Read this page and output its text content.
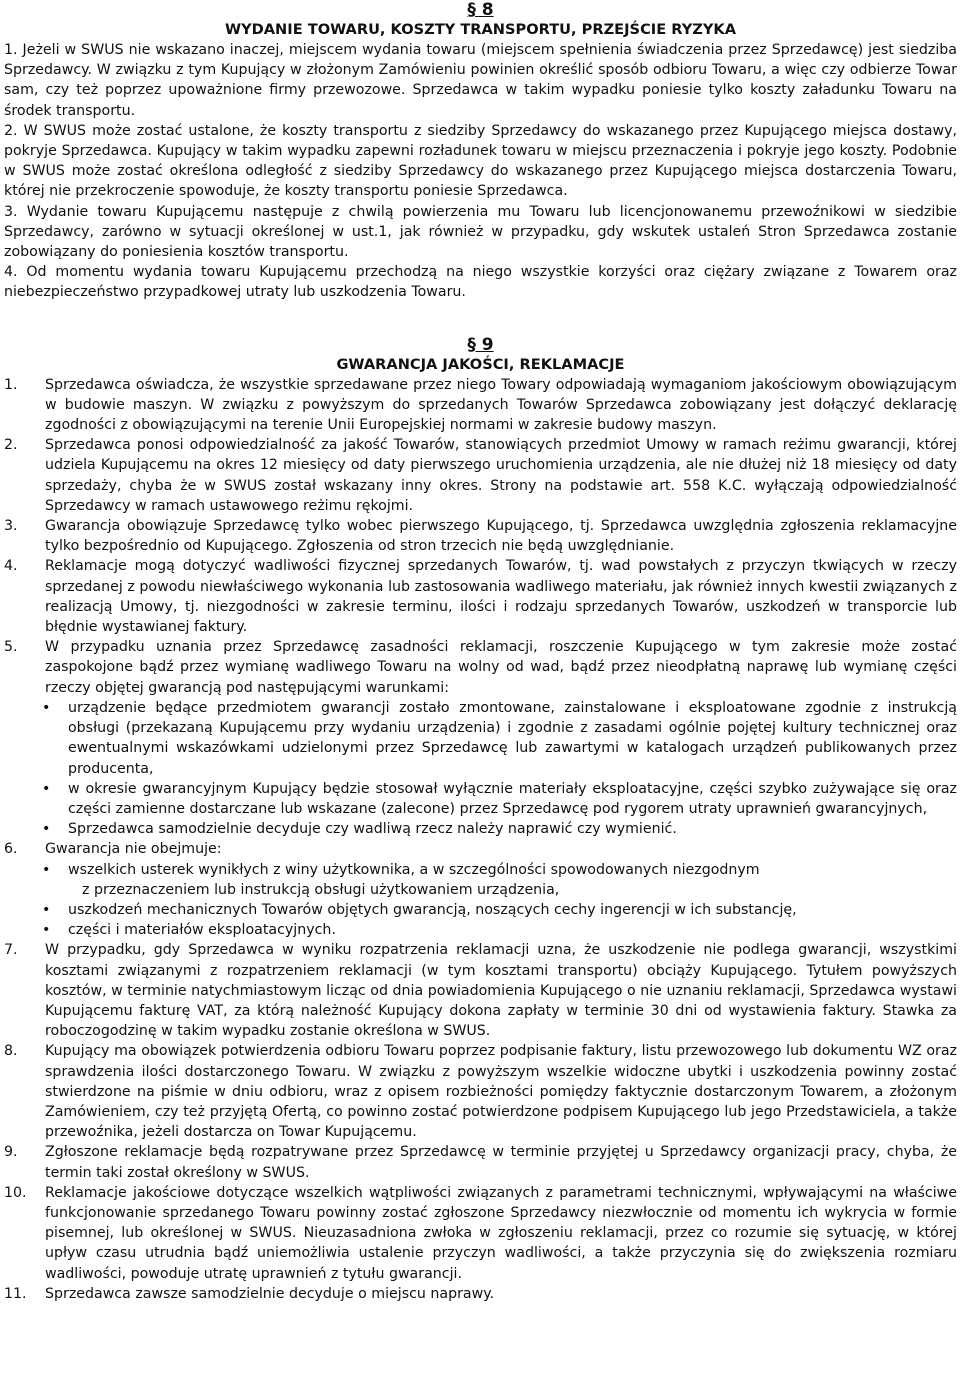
§ 8
WYDANIE TOWARU, KOSZTY TRANSPORTU, PRZEJŚCIE RYZYKA
1. Jeżeli w SWUS nie wskazano inaczej, miejscem wydania towaru (miejscem spełnienia świadczenia przez Sprzedawcę) jest siedziba Sprzedawcy. W związku z tym Kupujący w złożonym Zamówieniu powinien określić sposób odbioru Towaru, a więc czy odbierze Towar sam, czy też poprzez upoważnione firmy przewozowe. Sprzedawca w takim wypadku poniesie tylko koszty załadunku Towaru na środek transportu.
2. W SWUS może zostać ustalone, że koszty transportu z siedziby Sprzedawcy do wskazanego przez Kupującego miejsca dostawy, pokryje Sprzedawca. Kupujący w takim wypadku zapewni rozładunek towaru w miejscu przeznaczenia i pokryje jego koszty. Podobnie w SWUS może zostać określona odległość z siedziby Sprzedawcy do wskazanego przez Kupującego miejsca dostarczenia Towaru, której nie przekroczenie spowoduje, że koszty transportu poniesie Sprzedawca.
3. Wydanie towaru Kupującemu następuje z chwilą powierzenia mu Towaru lub licencjonowanemu przewoźnikowi w siedzibie Sprzedawcy, zarówno w sytuacji określonej w ust.1, jak również w przypadku, gdy wskutek ustaleń Stron Sprzedawca zostanie zobowiązany do poniesienia kosztów transportu.
4. Od momentu wydania towaru Kupującemu przechodzą na niego wszystkie korzyści oraz ciężary związane z Towarem oraz niebezpieczeństwo przypadkowej utraty lub uszkodzenia Towaru.
§ 9
GWARANCJA JAKOŚCI, REKLAMACJE
1.	Sprzedawca oświadcza, że wszystkie sprzedawane przez niego Towary odpowiadają wymaganiom jakościowym obowiązującym w budowie maszyn. W związku z powyższym do sprzedanych Towarów Sprzedawca zobowiązany jest dołączyć deklarację zgodności z obowiązującymi na terenie Unii Europejskiej normami w zakresie budowy maszyn.
2.	Sprzedawca ponosi odpowiedzialność za jakość Towarów, stanowiących przedmiot Umowy w ramach reżimu gwarancji, której udziela Kupującemu na okres 12 miesięcy od daty pierwszego uruchomienia urządzenia, ale nie dłużej niż 18 miesięcy od daty sprzedaży, chyba że w SWUS został wskazany inny okres. Strony na podstawie art. 558 K.C. wyłączają odpowiedzialność Sprzedawcy w ramach ustawowego reżimu rękojmi.
3.	Gwarancja obowiązuje Sprzedawcę tylko wobec pierwszego Kupującego, tj. Sprzedawca uwzględnia zgłoszenia reklamacyjne tylko bezpośrednio od Kupującego. Zgłoszenia od stron trzecich nie będą uwzględnianie.
4.	Reklamacje mogą dotyczyć wadliwości fizycznej sprzedanych Towarów, tj. wad powstałych z przyczyn tkwiących w rzeczy sprzedanej z powodu niewłaściwego wykonania lub zastosowania wadliwego materiału, jak również innych kwestii związanych z realizacją Umowy, tj. niezgodności w zakresie terminu, ilości i rodzaju sprzedanych Towarów, uszkodzeń w transporcie lub błędnie wystawianej faktury.
5.	W przypadku uznania przez Sprzedawcę zasadności reklamacji, roszczenie Kupującego w tym zakresie może zostać zaspokojone bądź przez wymianę wadliwego Towaru na wolny od wad, bądź przez nieodpłatną naprawę lub wymianę części rzeczy objętej gwarancją pod następującymi warunkami:
•	urządzenie będące przedmiotem gwarancji zostało zmontowane, zainstalowane i eksploatowane zgodnie z instrukcją obsługi (przekazaną Kupującemu przy wydaniu urządzenia) i zgodnie z zasadami ogólnie pojętej kultury technicznej oraz ewentualnymi wskazówkami udzielonymi przez Sprzedawcę lub zawartymi w katalogach urządzeń publikowanych przez producenta,
•	w okresie gwarancyjnym Kupujący będzie stosował wyłącznie materiały eksploatacyjne, części szybko zużywające się oraz części zamienne dostarczane lub wskazane (zalecone) przez Sprzedawcę pod rygorem utraty uprawnień gwarancyjnych,
•	Sprzedawca samodzielnie decyduje czy wadliwą rzecz należy naprawić czy wymienić.
6.	Gwarancja nie obejmuje:
•	wszelkich usterek wynikłych z winy użytkownika, a w szczególności spowodowanych niezgodnym
z przeznaczeniem lub instrukcją obsługi użytkowaniem urządzenia,
•	uszkodzeń mechanicznych Towarów objętych gwarancją, noszących cechy ingerencji w ich substancję,
•	części i materiałów eksploatacyjnych.
7.	W przypadku, gdy Sprzedawca w wyniku rozpatrzenia reklamacji uzna, że uszkodzenie nie podlega gwarancji, wszystkimi kosztami związanymi z rozpatrzeniem reklamacji (w tym kosztami transportu) obciąży Kupującego. Tytułem powyższych kosztów, w terminie natychmiastowym licząc od dnia powiadomienia Kupującego o nie uznaniu reklamacji, Sprzedawca wystawi Kupującemu fakturę VAT, za którą należność Kupujący dokona zapłaty w terminie 30 dni od wystawienia faktury. Stawka za roboczogodzinę w takim wypadku zostanie określona w SWUS.
8.	Kupujący ma obowiązek potwierdzenia odbioru Towaru poprzez podpisanie faktury, listu przewozowego lub dokumentu WZ oraz sprawdzenia ilości dostarczonego Towaru. W związku z powyższym wszelkie widoczne ubytki i uszkodzenia powinny zostać stwierdzone na piśmie w dniu odbioru, wraz z opisem rozbieżności pomiędzy faktycznie dostarczonym Towarem, a złożonym Zamówieniem, czy też przyjętą Ofertą, co powinno zostać potwierdzone podpisem Kupującego lub jego Przedstawiciela, a także przewoźnika, jeżeli dostarcza on Towar Kupującemu.
9.	Zgłoszone reklamacje będą rozpatrywane przez Sprzedawcę w terminie przyjętej u Sprzedawcy organizacji pracy, chyba, że termin taki został określony w SWUS.
10.	Reklamacje jakościowe dotyczące wszelkich wątpliwości związanych z parametrami technicznymi, wpływającymi na właściwe funkcjonowanie sprzedanego Towaru powinny zostać zgłoszone Sprzedawcy niezwłocznie od momentu ich wykrycia w formie pisemnej, lub określonej w SWUS. Nieuzasadniona zwłoka w zgłoszeniu reklamacji, przez co rozumie się sytuację, w której upływ czasu utrudnia bądź uniemożliwia ustalenie przyczyn wadliwości, a także przyczynia się do zwiększenia rozmiaru wadliwości, powoduje utratę uprawnień z tytułu gwarancji.
11.	Sprzedawca zawsze samodzielnie decyduje o miejscu naprawy.
